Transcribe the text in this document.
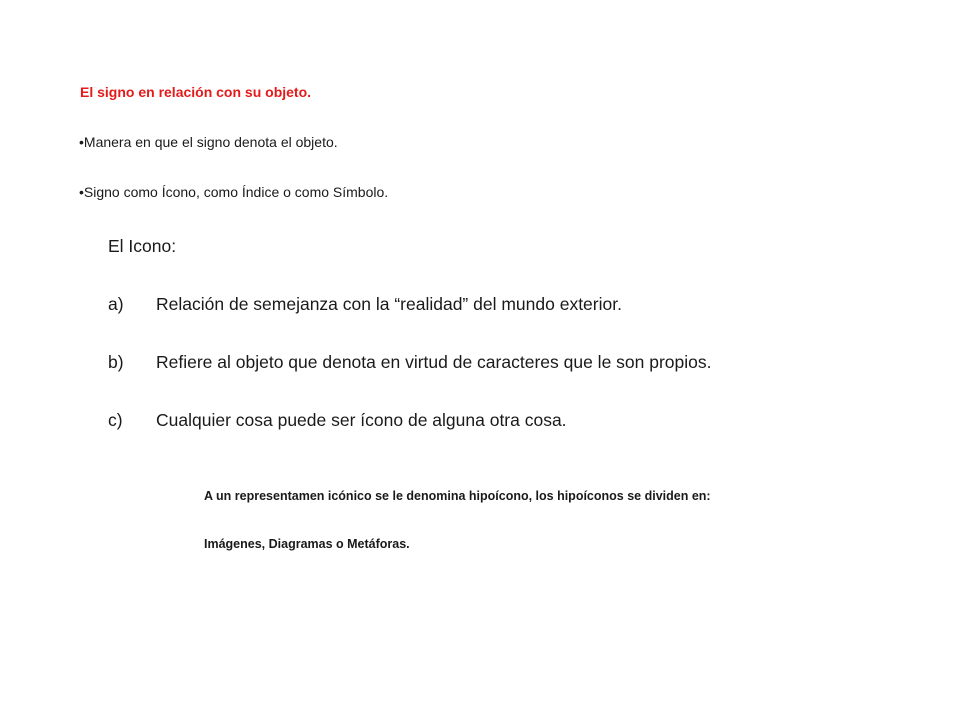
El signo en relación con su objeto.
•Manera en que el signo denota el objeto.
•Signo como Ícono, como Índice o como Símbolo.
El Icono:
a) Relación de semejanza con la “realidad” del mundo exterior.
b) Refiere al objeto que denota en virtud de caracteres que le son propios.
c) Cualquier cosa puede ser ícono de alguna otra cosa.
A un representamen icónico se le denomina hipoícono, los hipoíconos se dividen en:
Imágenes, Diagramas o Metáforas.
